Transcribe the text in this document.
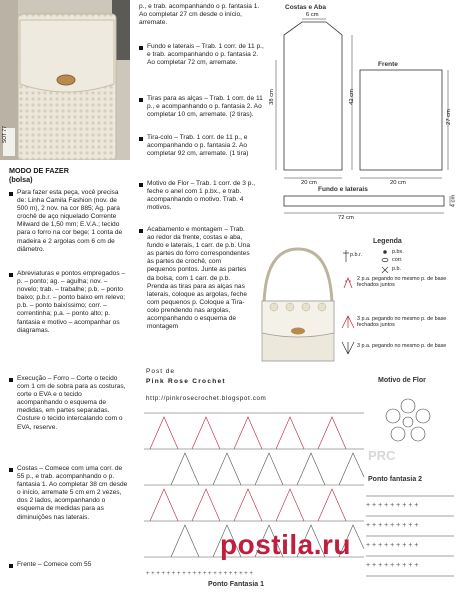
SOT 77
MODO DE FAZER
(bolsa)
Para fazer esta peça, você precisa de: Linha Camila Fashion (nov. de 500 m), 2 nov. na cor 885; Ag. para crochê de aço niquelado Corrente Milward de 1,50 mm; E.V.A.; tecido para o forro na cor bege; 1 conta de madeira e 2 argolas com 6 cm de diâmetro.
Abreviaturas e pontos empregados – p. – ponto; ag. – agulha; nov. – novelo; trab. – trabalhe; p.b. – ponto baixo; p.b.r. – ponto baixo em relevo; p.b. – ponto baixíssimo; corr. – correntinha; p.a. – ponto alto; p. fantasia e motivo – acompanhar os diagramas.
Execução – Forro – Corte o tecido com 1 cm de sobra para as costuras, corte o EVA e o tecido acompanhando o esquema de medidas, em partes separadas. Costure o tecido intercalando com o EVA, reserve.
Costas – Comece com uma corr. de 55 p., e trab. acompanhando o p. fantasia 1. Ao completar 38 cm desde o início, arremate 5 cm em 2 vezes, dos 2 lados, acompanhando o esquema de medidas para as diminuições nas laterais.
Frente – Comece com 55
p., e trab. acompanhando o p. fantasia 1. Ao completar 27 cm desde o início, arremate.
Fundo e laterais – Trab. 1 corr. de 11 p., e trab. acompanhando o p. fantasia 2. Ao completar 72 cm, arremate.
Tiras para as alças – Trab. 1 corr. de 11 p., e acompanhando o p. fantasia 2. Ao completar 10 cm, arremate. (2 tiras).
Tira-colo – Trab. 1 corr. de 11 p., e acompanhando o p. fantasia 2. Ao completar 92 cm, arremate. (1 tira)
Motivo de Flor – Trab. 1 corr. de 3 p., feche o anel com 1 p.bx., e trab. acompanhando o motivo. Trab. 4 motivos.
Acabamento e montagem – Trab. ao redor da frente, costas e aba, fundo e laterais, 1 carr. de p.b. Una as partes do forro correspondentes às partes de crochê, com pequenos pontos. Junte as partes da bolsa, com 1 carr. de p.b. Prenda as tiras para as alças nas laterais, coloque as argolas, feche com pequenos p. Coloque a Tira-colo prendendo nas argolas, acompanhando o esquema de montagem
Costas e Aba
6 cm
38 cm	42 cm
20 cm
Frente
27 cm
20 cm
Fundo e laterais
72 cm
4 cm
Legenda
p.b.r.	p.bx.
corr.
p.b.
2 p.a. pegando no mesmo p. de base fechados juntos
3 p.a. pegando no mesmo p. de base fechados juntos
3 p.a. pegando no mesmo p. de base
Post de
Pink Rose Crochet
http://pinkrosecrochet.blogspot.com
Motivo de Flor
PRC
Ponto fantasia 2
+ + + + + + + + +
+ + + + + + + + +
+ + + + + + + + +
+ + + + + + + + +
+ + + + + + + + + + + + + + + + + + + + +
postila.ru
Ponto Fantasia 1
